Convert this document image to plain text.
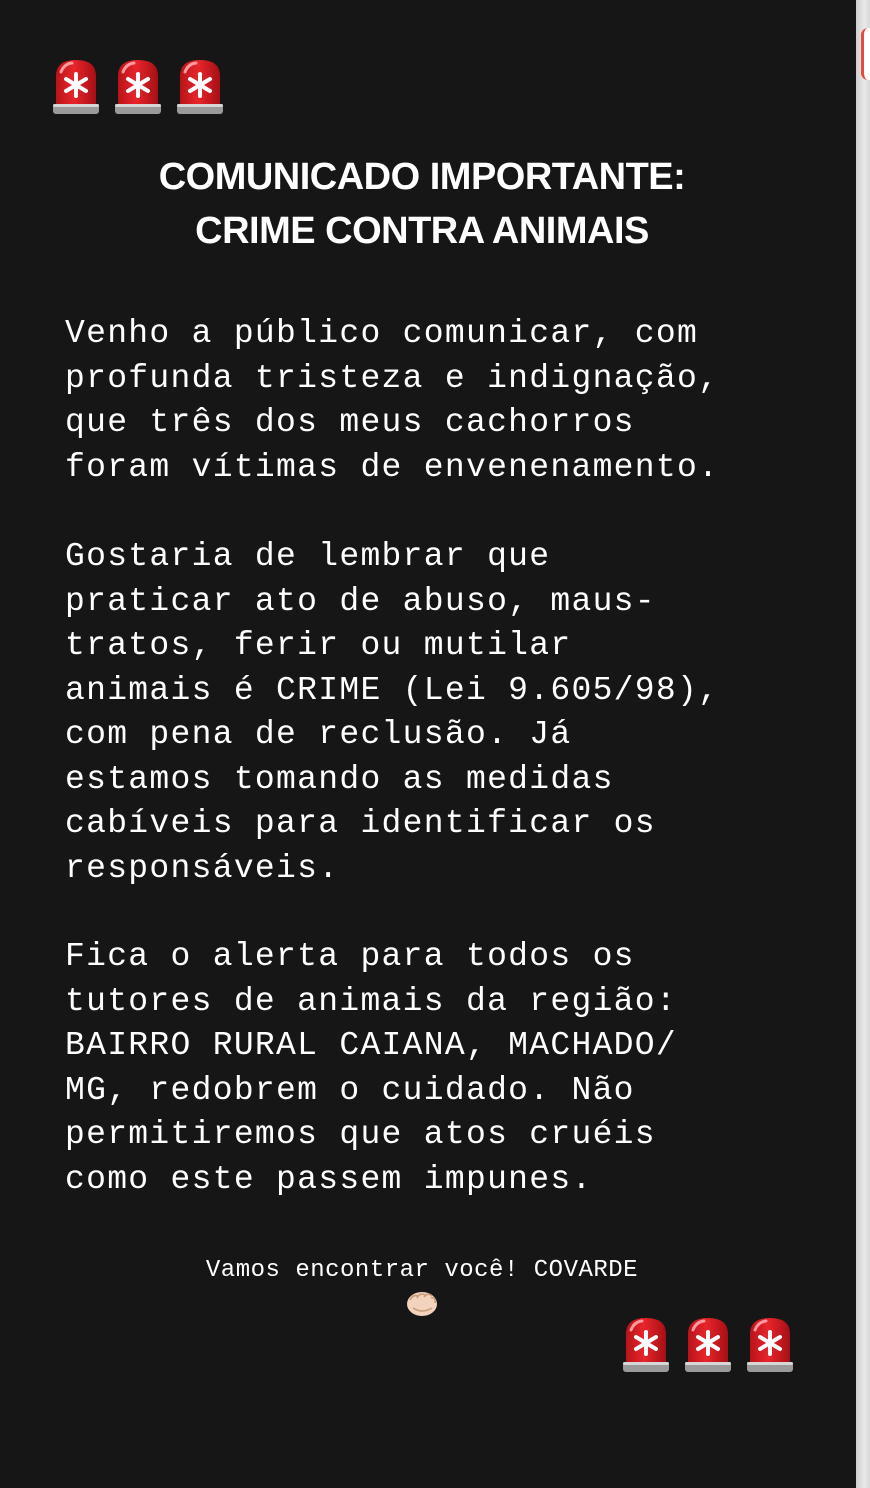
COMUNICADO IMPORTANTE:
CRIME CONTRA ANIMAIS
Venho a público comunicar, com
profunda tristeza e indignação,
que três dos meus cachorros
foram vítimas de envenenamento.
Gostaria de lembrar que
praticar ato de abuso, maus-
tratos, ferir ou mutilar
animais é CRIME (Lei 9.605/98),
com pena de reclusão. Já
estamos tomando as medidas
cabíveis para identificar os
responsáveis.
Fica o alerta para todos os
tutores de animais da região:
BAIRRO RURAL CAIANA, MACHADO/
MG, redobrem o cuidado. Não
permitiremos que atos cruéis
como este passem impunes.
Vamos encontrar você! COVARDE
